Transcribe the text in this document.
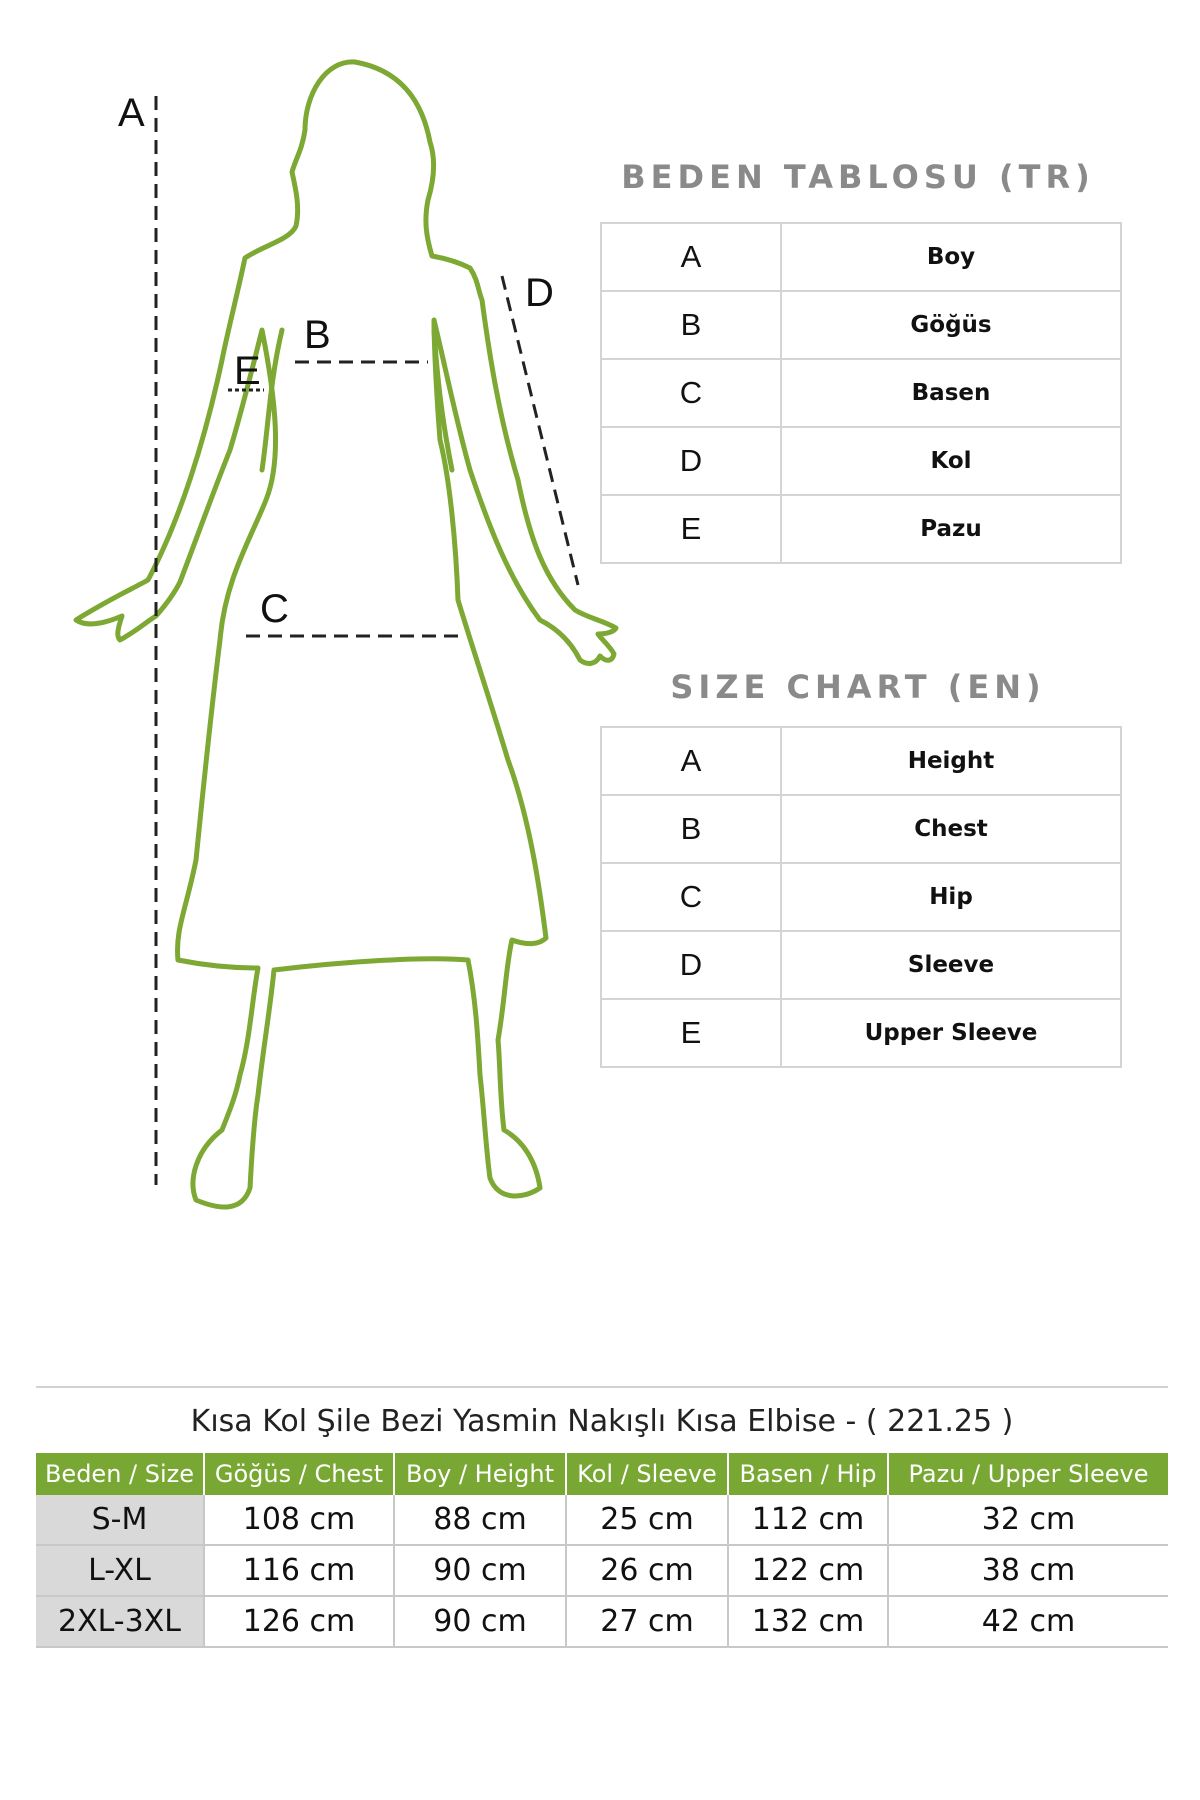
A
B
C
D
E
BEDEN TABLOSU (TR)
A	Boy
B	Göğüs
C	Basen
D	Kol
E	Pazu
SIZE CHART (EN)
A	Height
B	Chest
C	Hip
D	Sleeve
E	Upper Sleeve
Kısa Kol Şile Bezi Yasmin Nakışlı Kısa Elbise - ( 221.25 )
Beden / Size	Göğüs / Chest	Boy / Height	Kol / Sleeve	Basen / Hip	Pazu / Upper Sleeve
S-M	108 cm	88 cm	25 cm	112 cm	32 cm
L-XL	116 cm	90 cm	26 cm	122 cm	38 cm
2XL-3XL	126 cm	90 cm	27 cm	132 cm	42 cm
